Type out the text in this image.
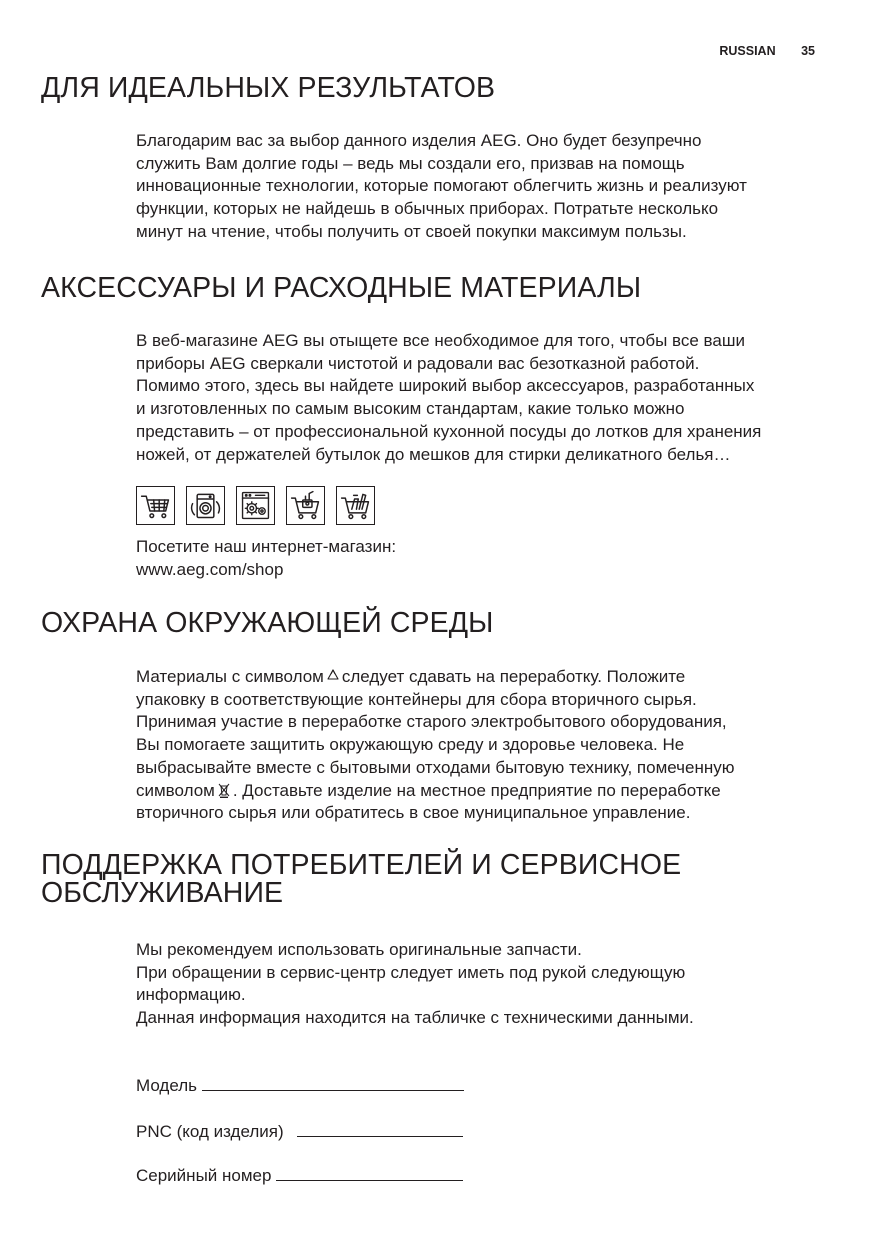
RUSSIAN 35
ДЛЯ ИДЕАЛЬНЫХ РЕЗУЛЬТАТОВ

Благодарим вас за выбор данного изделия AEG. Оно будет безупречно
служить Вам долгие годы – ведь мы создали его, призвав на помощь
инновационные технологии, которые помогают облегчить жизнь и реализуют
функции, которых не найдешь в обычных приборах. Потратьте несколько
минут на чтение, чтобы получить от своей покупки максимум пользы.

АКСЕССУАРЫ И РАСХОДНЫЕ МАТЕРИАЛЫ

В веб-магазине AEG вы отыщете все необходимое для того, чтобы все ваши
приборы AEG сверкали чистотой и радовали вас безотказной работой.
Помимо этого, здесь вы найдете широкий выбор аксессуаров, разработанных
и изготовленных по самым высоким стандартам, какие только можно
представить – от профессиональной кухонной посуды до лотков для хранения
ножей, от держателей бутылок до мешков для стирки деликатного белья…

Посетите наш интернет-магазин:
www.aeg.com/shop
ОХРАНА ОКРУЖАЮЩЕЙ СРЕДЫ

Материалы с символом следует сдавать на переработку. Положите
упаковку в соответствующие контейнеры для сбора вторичного сырья.
Принимая участие в переработке старого электробытового оборудования,
Вы помогаете защитить окружающую среду и здоровье человека. Не
выбрасывайте вместе с бытовыми отходами бытовую технику, помеченную
символом . Доставьте изделие на местное предприятие по переработке
вторичного сырья или обратитесь в свое муниципальное управление.

ПОДДЕРЖКА ПОТРЕБИТЕЛЕЙ И СЕРВИСНОЕ
ОБСЛУЖИВАНИЕ

Мы рекомендуем использовать оригинальные запчасти.
При обращении в сервис-центр следует иметь под рукой следующую
информацию.
Данная информация находится на табличке с техническими данными.

Модель
PNC (код изделия)
Серийный номер
